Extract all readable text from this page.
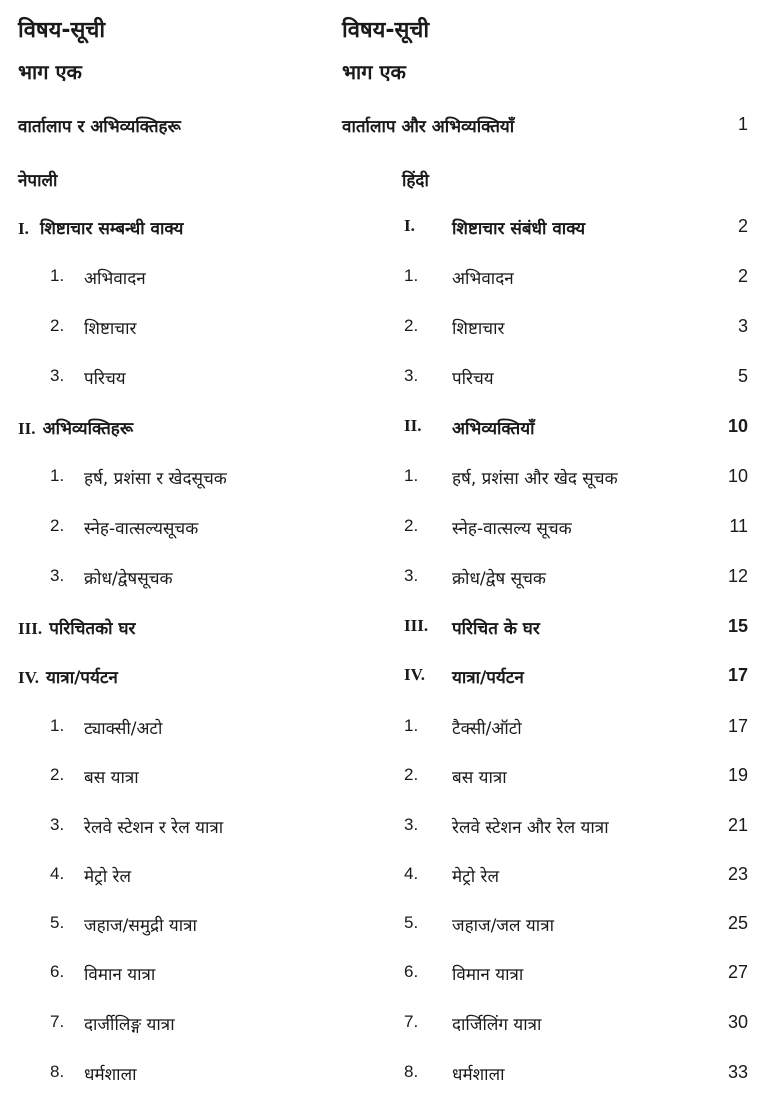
विषय-सूची
भाग एक
वार्तालाप र अभिव्यक्तिहरू
नेपाली
I. शिष्टाचार सम्बन्धी वाक्य
1. अभिवादन
2. शिष्टाचार
3. परिचय
II. अभिव्यक्तिहरू
1. हर्ष, प्रशंसा र खेदसूचक
2. स्नेह-वात्सल्यसूचक
3. क्रोध/द्वेषसूचक
III. परिचितको घर
IV. यात्रा/पर्यटन
1. ट्याक्सी/अटो
2. बस यात्रा
3. रेलवे स्टेशन र रेल यात्रा
4. मेट्रो रेल
5. जहाज/समुद्री यात्रा
6. विमान यात्रा
7. दार्जीलिङ्ग यात्रा
8. धर्मशाला
विषय-सूची
भाग एक
वार्तालाप और अभिव्यक्तियाँ	1
हिंदी
I. शिष्टाचार संबंधी वाक्य	2
1. अभिवादन	2
2. शिष्टाचार	3
3. परिचय	5
II. अभिव्यक्तियाँ	10
1. हर्ष, प्रशंसा और खेद सूचक	10
2. स्नेह-वात्सल्य सूचक	11
3. क्रोध/द्वेष सूचक	12
III. परिचित के घर	15
IV. यात्रा/पर्यटन	17
1. टैक्सी/ऑटो	17
2. बस यात्रा	19
3. रेलवे स्टेशन और रेल यात्रा	21
4. मेट्रो रेल	23
5. जहाज/जल यात्रा	25
6. विमान यात्रा	27
7. दार्जिलिंग यात्रा	30
8. धर्मशाला	33
